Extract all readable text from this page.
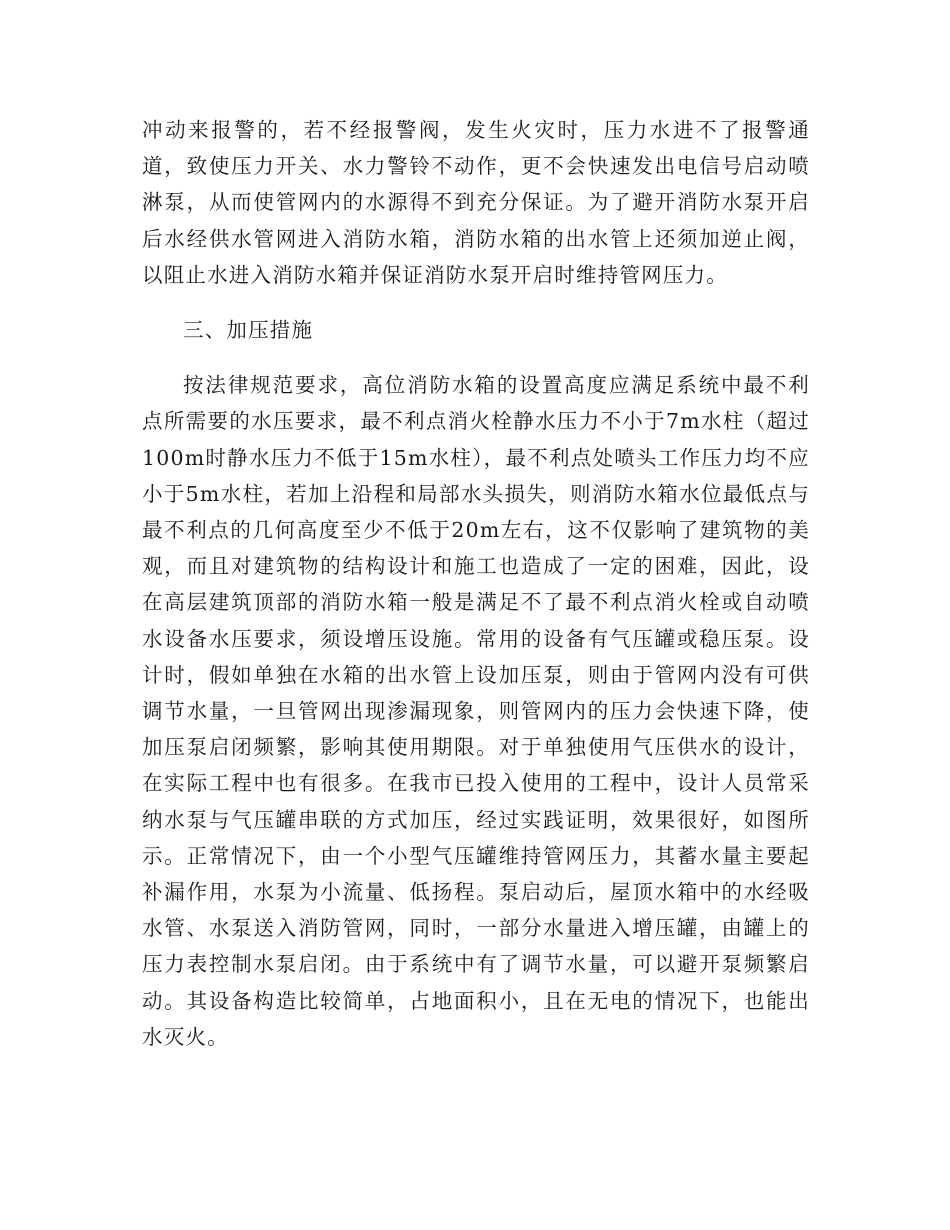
冲动来报警的，若不经报警阀，发生火灾时，压力水进不了报警通道，致使压力开关、水力警铃不动作，更不会快速发出电信号启动喷淋泵，从而使管网内的水源得不到充分保证。为了避开消防水泵开启后水经供水管网进入消防水箱，消防水箱的出水管上还须加逆止阀，以阻止水进入消防水箱并保证消防水泵开启时维持管网压力。

三、加压措施

按法律规范要求，高位消防水箱的设置高度应满足系统中最不利点所需要的水压要求，最不利点消火栓静水压力不小于7m水柱（超过100m时静水压力不低于15m水柱），最不利点处喷头工作压力均不应小于5m水柱，若加上沿程和局部水头损失，则消防水箱水位最低点与最不利点的几何高度至少不低于20m左右，这不仅影响了建筑物的美观，而且对建筑物的结构设计和施工也造成了一定的困难，因此，设在高层建筑顶部的消防水箱一般是满足不了最不利点消火栓或自动喷水设备水压要求，须设增压设施。常用的设备有气压罐或稳压泵。设计时，假如单独在水箱的出水管上设加压泵，则由于管网内没有可供调节水量，一旦管网出现渗漏现象，则管网内的压力会快速下降，使加压泵启闭频繁，影响其使用期限。对于单独使用气压供水的设计，在实际工程中也有很多。在我市已投入使用的工程中，设计人员常采纳水泵与气压罐串联的方式加压，经过实践证明，效果很好，如图所示。正常情况下，由一个小型气压罐维持管网压力，其蓄水量主要起补漏作用，水泵为小流量、低扬程。泵启动后，屋顶水箱中的水经吸水管、水泵送入消防管网，同时，一部分水量进入增压罐，由罐上的压力表控制水泵启闭。由于系统中有了调节水量，可以避开泵频繁启动。其设备构造比较简单，占地面积小，且在无电的情况下，也能出水灭火。
